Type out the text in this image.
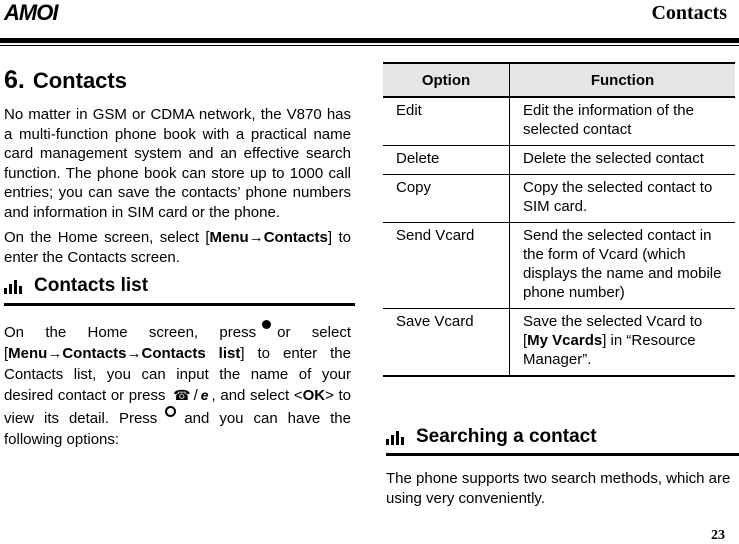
AMOI	Contacts
6. Contacts

No matter in GSM or CDMA network, the V870 has a multi-function phone book with a practical name card management system and an effective search function. The phone book can store up to 1000 call entries; you can save the contacts’ phone numbers and information in SIM card or the phone.

On the Home screen, select [Menu→Contacts] to enter the Contacts screen.

Contacts list

On the Home screen, press or select [Menu→Contacts→Contacts list] to enter the Contacts list, you can input the name of your desired contact or press ☎ / e , and select <OK> to view its detail. Press and you can have the following options:

Option	Function
Edit	Edit the information of the selected contact
Delete	Delete the selected contact
Copy	Copy the selected contact to SIM card.
Send Vcard	Send the selected contact in the form of Vcard (which displays the name and mobile phone number)
Save Vcard	Save the selected Vcard to [My Vcards] in “Resource Manager”.
Searching a contact
The phone supports two search methods, which are using very conveniently.
23
